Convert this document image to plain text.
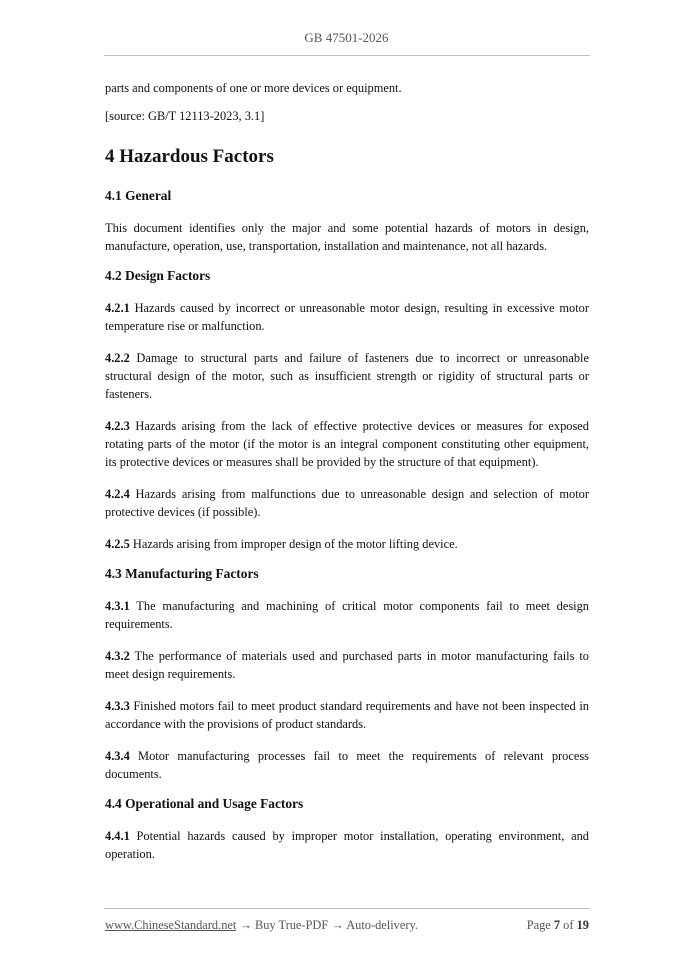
GB 47501-2026

parts and components of one or more devices or equipment.

[source: GB/T 12113-2023, 3.1]

4 Hazardous Factors
4.1 General

This document identifies only the major and some potential hazards of motors in design, manufacture, operation, use, transportation, installation and maintenance, not all hazards.

4.2 Design Factors

4.2.1 Hazards caused by incorrect or unreasonable motor design, resulting in excessive motor temperature rise or malfunction.

4.2.2 Damage to structural parts and failure of fasteners due to incorrect or unreasonable structural design of the motor, such as insufficient strength or rigidity of structural parts or fasteners.

4.2.3 Hazards arising from the lack of effective protective devices or measures for exposed rotating parts of the motor (if the motor is an integral component constituting other equipment, its protective devices or measures shall be provided by the structure of that equipment).

4.2.4 Hazards arising from malfunctions due to unreasonable design and selection of motor protective devices (if possible).

4.2.5 Hazards arising from improper design of the motor lifting device.

4.3 Manufacturing Factors

4.3.1 The manufacturing and machining of critical motor components fail to meet design requirements.

4.3.2 The performance of materials used and purchased parts in motor manufacturing fails to meet design requirements.

4.3.3 Finished motors fail to meet product standard requirements and have not been inspected in accordance with the provisions of product standards.

4.3.4 Motor manufacturing processes fail to meet the requirements of relevant process documents.

4.4 Operational and Usage Factors

4.4.1 Potential hazards caused by improper motor installation, operating environment, and operation.

www.ChineseStandard.net → Buy True-PDF → Auto-delivery.	Page 7 of 19
